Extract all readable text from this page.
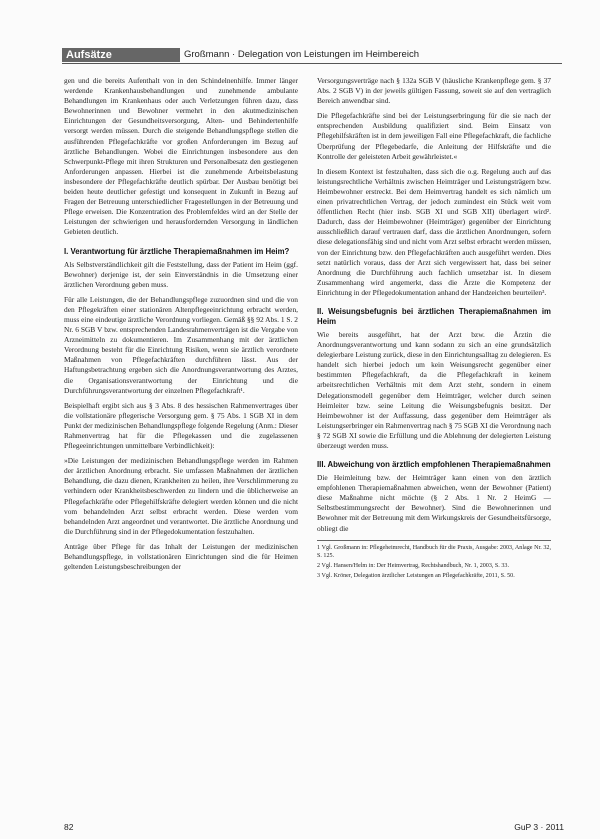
Aufsätze	Großmann · Delegation von Leistungen im Heimbereich

gen und die bereits Aufenthalt von in den Schindelnenhilfe. Immer länger werdende Krankenhausbehandlungen und zunehmende ambulante Behandlungen im Krankenhaus oder auch Verletzungen führen dazu, dass Bewohnerinnen und Bewohner vermehrt in den akutmedizinischen Einrichtungen der Gesundheitsversorgung, Alten- und Behindertenhilfe versorgt werden müssen. Durch die steigende Behandlungspflege stellen die ausführenden Pflegefachkräfte vor großen Anforderungen im Bezug auf ärztliche Behandlungen. Wobei die Einrichtungen insbesondere aus den Schwerpunkt-Pflege mit ihren Strukturen und Personalbesatz den gestiegenen Anforderungen anpassen. Hierbei ist die zunehmende Arbeitsbelastung insbesondere der Pflegefachkräfte deutlich spürbar. Der Ausbau benötigt bei beiden heute deutlicher gefestigt und konsequent in Zukunft in Bezug auf Fragen der Betreuung unterschiedlicher Fragestellungen in der Betreuung und Pflege erweisen. Die Konzentration des Problemfeldes wird an der Stelle der Leistungen der schwierigen und herausfordernden Versorgung in ländlichen Gebieten deutlich.

I. Verantwortung für ärztliche Therapiemaßnahmen im Heim?

Als Selbstverständlichkeit gilt die Feststellung, dass der Patient im Heim (ggf. Bewohner) derjenige ist, der sein Einverständnis in die Umsetzung einer ärztlichen Verordnung geben muss.

Für alle Leistungen, die der Behandlungspflege zuzuordnen sind und die von den Pflegekräften einer stationären Altenpflegeeinrichtung erbracht werden, muss eine eindeutige ärztliche Verordnung vorliegen. Gemäß §§ 92 Abs. 1 S. 2 Nr. 6 SGB V bzw. entsprechenden Landesrahmenverträgen ist die Vergabe von Arzneimitteln zu dokumentieren. Im Zusammenhang mit der ärztlichen Verordnung besteht für die Einrichtung Risiken, wenn sie ärztlich verordnete Maßnahmen von Pflegefachkräften durchführen lässt. Aus der Haftungsbetrachtung ergeben sich die Anordnungsverantwortung des Arztes, die Organisationsverantwortung der Einrichtung und die Durchführungsverantwortung der einzelnen Pflegefachkraft¹.

Beispielhaft ergibt sich aus § 3 Abs. 8 des hessischen Rahmenvertrages über die vollstationäre pflegerische Versorgung gem. § 75 Abs. 1 SGB XI in dem Punkt der medizinischen Behandlungspflege folgende Regelung (Anm.: Dieser Rahmenvertrag hat für die Pflegekassen und die zugelassenen Pflegeeinrichtungen unmittelbare Verbindlichkeit):

»Die Leistungen der medizinischen Behandlungspflege werden im Rahmen der ärztlichen Anordnung erbracht. Sie umfassen Maßnahmen der ärztlichen Behandlung, die dazu dienen, Krankheiten zu heilen, ihre Verschlimmerung zu verhindern oder Krankheitsbeschwerden zu lindern und die üblicherweise an Pflegefachkräfte oder Pflegehilfskräfte delegiert werden können und die nicht vom behandelnden Arzt selbst erbracht werden. Diese werden vom behandelnden Arzt angeordnet und verantwortet. Die ärztliche Anordnung und die Durchführung sind in der Pflegedokumentation festzuhalten.

Anträge über Pflege für das Inhalt der Leistungen der medizinischen Behandlungspflege, in vollstationären Einrichtungen sind die für Heimen geltenden Leistungsbeschreibungen der

Versorgungsverträge nach § 132a SGB V (häusliche Krankenpflege gem. § 37 Abs. 2 SGB V) in der jeweils gültigen Fassung, soweit sie auf den vertraglich Bereich anwendbar sind.

Die Pflegefachkräfte sind bei der Leistungserbringung für die sie nach der entsprechenden Ausbildung qualifiziert sind. Beim Einsatz von Pflegehilfskräften ist in dem jeweiligen Fall eine Pflegefachkraft, die fachliche Überprüfung der Pflegebedarfe, die Anleitung der Hilfskräfte und die Kontrolle der geleisteten Arbeit gewährleistet.«

In diesem Kontext ist festzuhalten, dass sich die o.g. Regelung auch auf das leistungsrechtliche Verhältnis zwischen Heimträger und Leistungsträgern bzw. Heimbewohner erstreckt. Bei dem Heimvertrag handelt es sich nämlich um einen privatrechtlichen Vertrag, der jedoch zumindest ein Stück weit vom öffentlichen Recht (hier insb. SGB XI und SGB XII) überlagert wird². Dadurch, dass der Heimbewohner (Heimträger) gegenüber der Einrichtung ausschließlich darauf vertrauen darf, dass die ärztlichen Anordnungen, sofern diese delegationsfähig sind und nicht vom Arzt selbst erbracht werden müssen, von der Einrichtung bzw. den Pflegefachkräften auch ausgeführt werden. Dies setzt natürlich voraus, dass der Arzt sich vergewissert hat, dass bei seiner Anordnung die Durchführung auch fachlich umsetzbar ist. In diesem Zusammenhang wird angemerkt, dass die Ärzte die Kompetenz der Einrichtung in der Pflegedokumentation anhand der Handzeichen beurteilen³.

II. Weisungsbefugnis bei ärztlichen Therapiemaßnahmen im Heim

Wie bereits ausgeführt, hat der Arzt bzw. die Ärztin die Anordnungsverantwortung und kann sodann zu sich an eine grundsätzlich delegierbare Leistung zurück, diese in den Einrichtungsalltag zu delegieren. Es handelt sich hierbei jedoch um kein Weisungsrecht gegenüber einer bestimmten Pflegefachkraft, da die Pflegefachkraft in keinem arbeitsrechtlichen Verhältnis mit dem Arzt steht, sondern in einem Delegationsmodell gegenüber dem Heimträger, welcher durch seinen Heimleiter bzw. seine Leitung die Weisungsbefugnis besitzt. Der Heimbewohner ist der Auffassung, dass gegenüber dem Heimträger als Leistungserbringer ein Rahmenvertrag nach § 75 SGB XI die Verordnung nach § 72 SGB XI sowie die Erfüllung und die Ablehnung der delegierten Leistung überzeugt werden muss.

III. Abweichung von ärztlich empfohlenen Therapiemaßnahmen

Die Heimleitung bzw. der Heimträger kann einen von den ärztlich empfohlenen Therapiemaßnahmen abweichen, wenn der Bewohner (Patient) diese Maßnahme nicht möchte (§ 2 Abs. 1 Nr. 2 HeimG — Selbstbestimmungsrecht der Bewohner). Sind die Bewohnerinnen und Bewohner mit der Betreuung mit dem Wirkungskreis der Gesundheitsfürsorge, obliegt die

1 Vgl. Großmann in: Pflegeheimrecht, Handbuch für die Praxis, Ausgabe: 2003, Anlage Nr. 32, S. 125.

2 Vgl. Hansen/Helm in: Der Heimvertrag, Rechtshandbuch, Nr. 1, 2003, S. 33.

3 Vgl. Kröner, Delegation ärztlicher Leistungen an Pflegefachkräfte, 2011, S. 50.

82	GuP 3 · 2011
